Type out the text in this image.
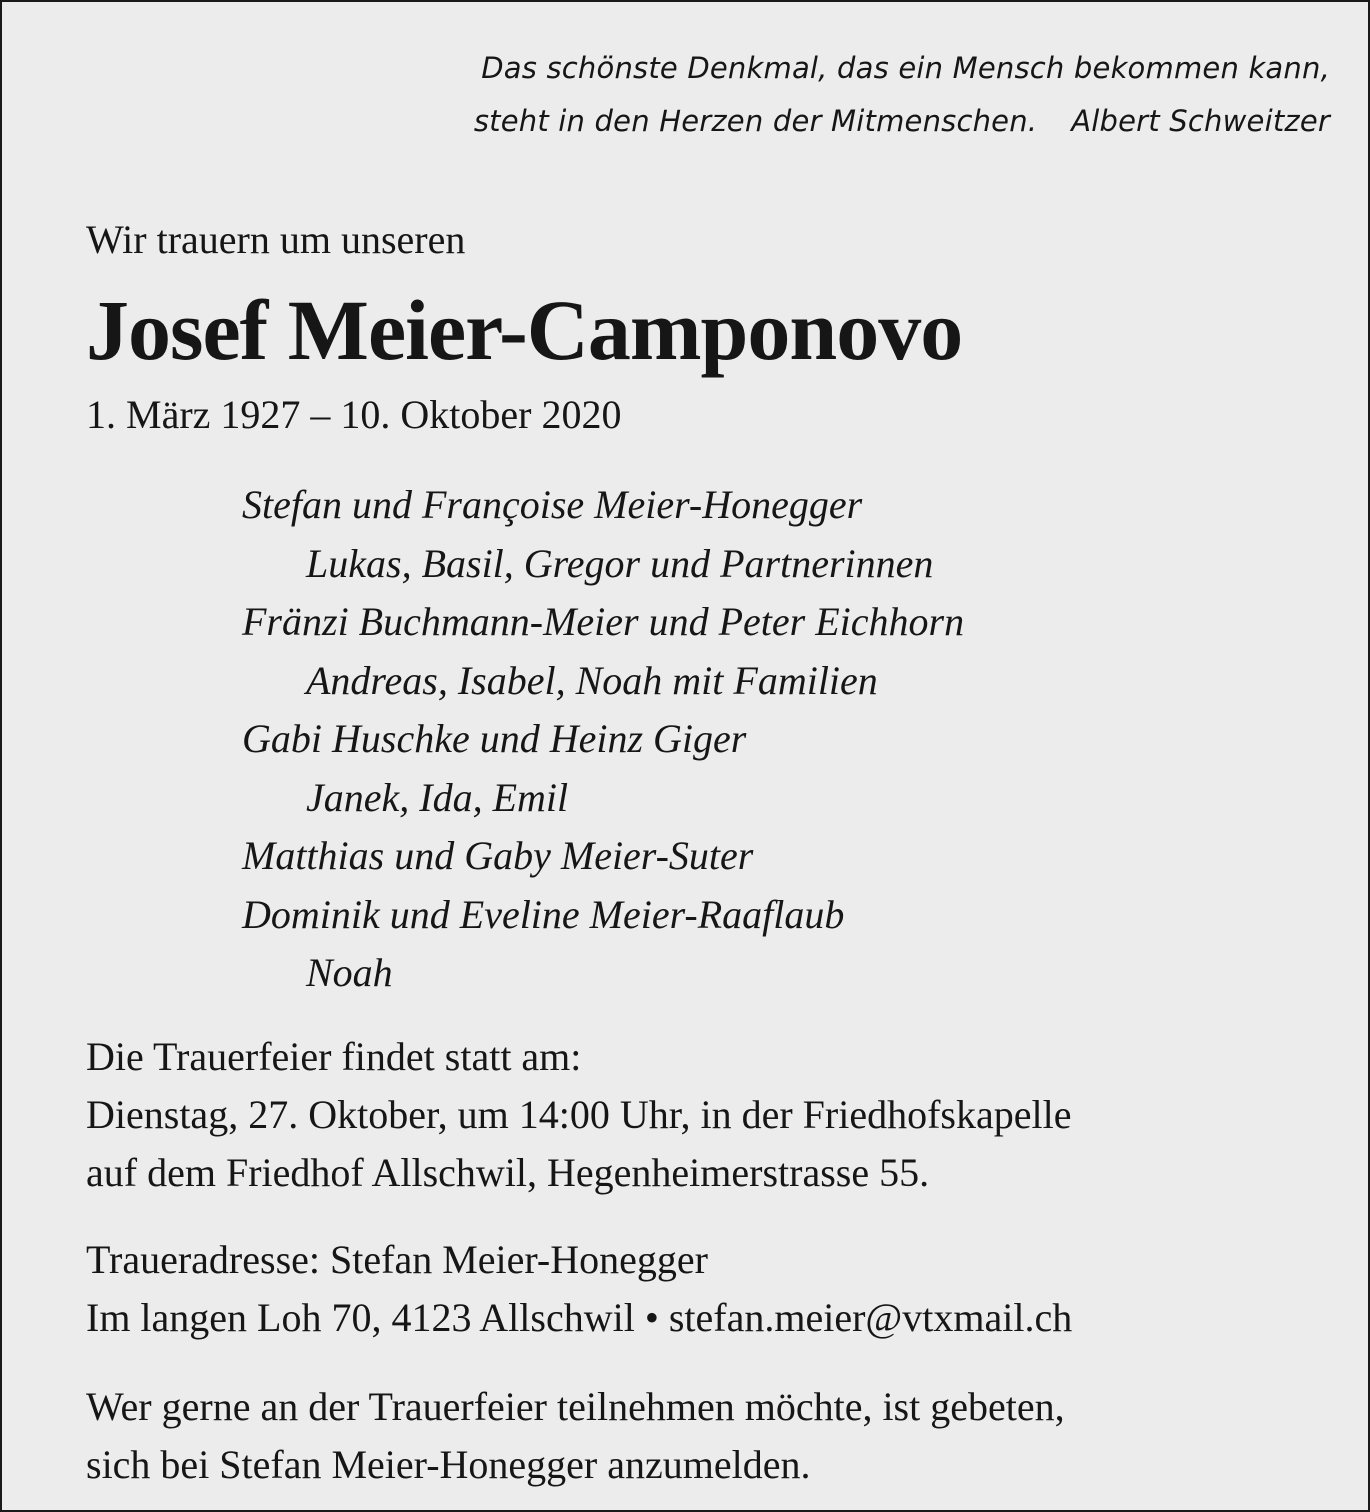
Das schönste Denkmal, das ein Mensch bekommen kann,
steht in den Herzen der Mitmenschen. Albert Schweitzer
Wir trauern um unseren
Josef Meier-Camponovo
1. März 1927 – 10. Oktober 2020
Stefan und Françoise Meier-Honegger
Lukas, Basil, Gregor und Partnerinnen
Fränzi Buchmann-Meier und Peter Eichhorn
Andreas, Isabel, Noah mit Familien
Gabi Huschke und Heinz Giger
Janek, Ida, Emil
Matthias und Gaby Meier-Suter
Dominik und Eveline Meier-Raaflaub
Noah
Die Trauerfeier findet statt am:
Dienstag, 27. Oktober, um 14:00 Uhr, in der Friedhofskapelle
auf dem Friedhof Allschwil, Hegenheimerstrasse 55.
Traueradresse: Stefan Meier-Honegger
Im langen Loh 70, 4123 Allschwil • stefan.meier@vtxmail.ch
Wer gerne an der Trauerfeier teilnehmen möchte, ist gebeten,
sich bei Stefan Meier-Honegger anzumelden.
